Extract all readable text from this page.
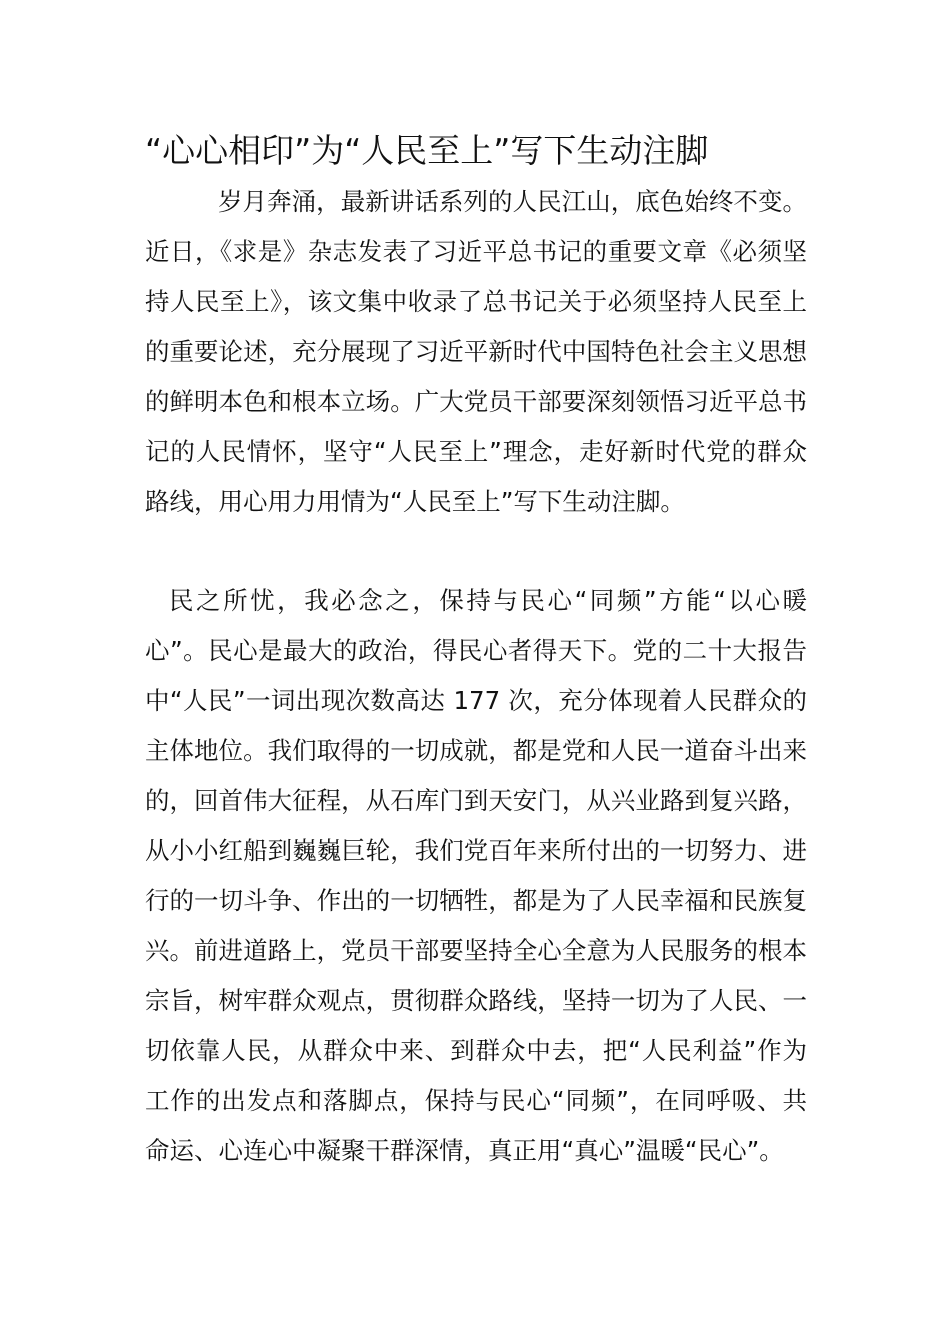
“心心相印”为“人民至上”写下生动注脚

岁月奔涌，最新讲话系列的人民江山，底色始终不变。近日，《求是》杂志发表了习近平总书记的重要文章《必须坚持人民至上》，该文集中收录了总书记关于必须坚持人民至上的重要论述，充分展现了习近平新时代中国特色社会主义思想的鲜明本色和根本立场。广大党员干部要深刻领悟习近平总书记的人民情怀，坚守“人民至上”理念，走好新时代党的群众路线，用心用力用情为“人民至上”写下生动注脚。

民之所忧，我必念之，保持与民心“同频”方能“以心暖心”。民心是最大的政治，得民心者得天下。党的二十大报告中“人民”一词出现次数高达 177 次，充分体现着人民群众的主体地位。我们取得的一切成就，都是党和人民一道奋斗出来的，回首伟大征程，从石库门到天安门，从兴业路到复兴路，从小小红船到巍巍巨轮，我们党百年来所付出的一切努力、进行的一切斗争、作出的一切牺牲，都是为了人民幸福和民族复兴。前进道路上，党员干部要坚持全心全意为人民服务的根本宗旨，树牢群众观点，贯彻群众路线，坚持一切为了人民、一切依靠人民，从群众中来、到群众中去，把“人民利益”作为工作的出发点和落脚点，保持与民心“同频”，在同呼吸、共命运、心连心中凝聚干群深情，真正用“真心”温暖“民心”。
